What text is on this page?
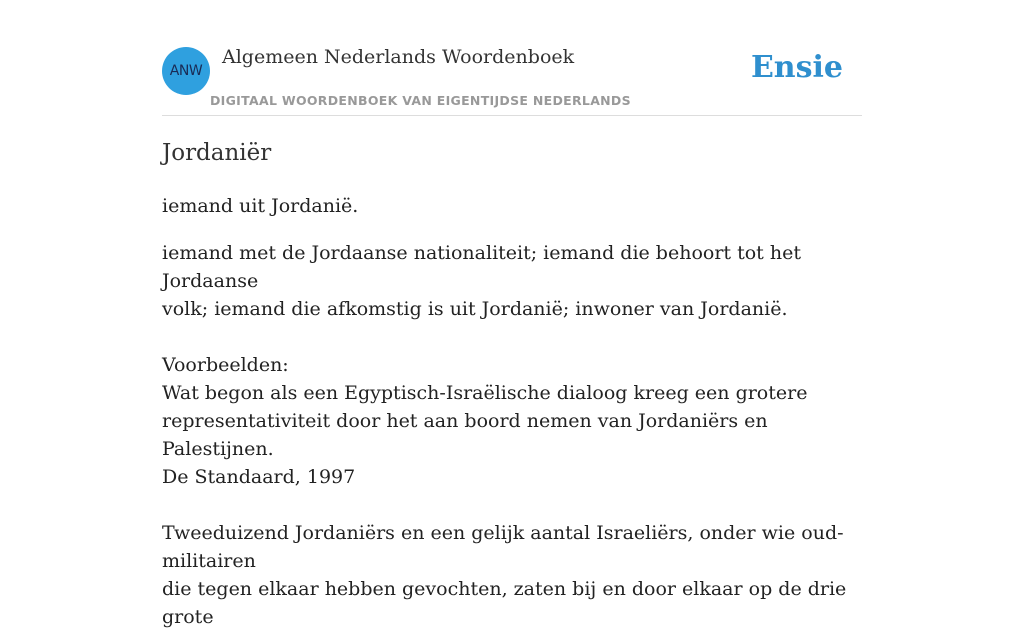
ANW
Algemeen Nederlands Woordenboek
DIGITAAL WOORDENBOEK VAN EIGENTIJDSE NEDERLANDS
Ensie
Jordaniër

iemand uit Jordanië.

iemand met de Jordaanse nationaliteit; iemand die behoort tot het Jordaanse

volk; iemand die afkomstig is uit Jordanië; inwoner van Jordanië.

Voorbeelden:

Wat begon als een Egyptisch-Israëlische dialoog kreeg een grotere

representativiteit door het aan boord nemen van Jordaniërs en Palestijnen.

De Standaard, 1997

Tweeduizend Jordaniërs en een gelijk aantal Israeliërs, onder wie oud-militairen

die tegen elkaar hebben gevochten, zaten bij en door elkaar op de drie grote
